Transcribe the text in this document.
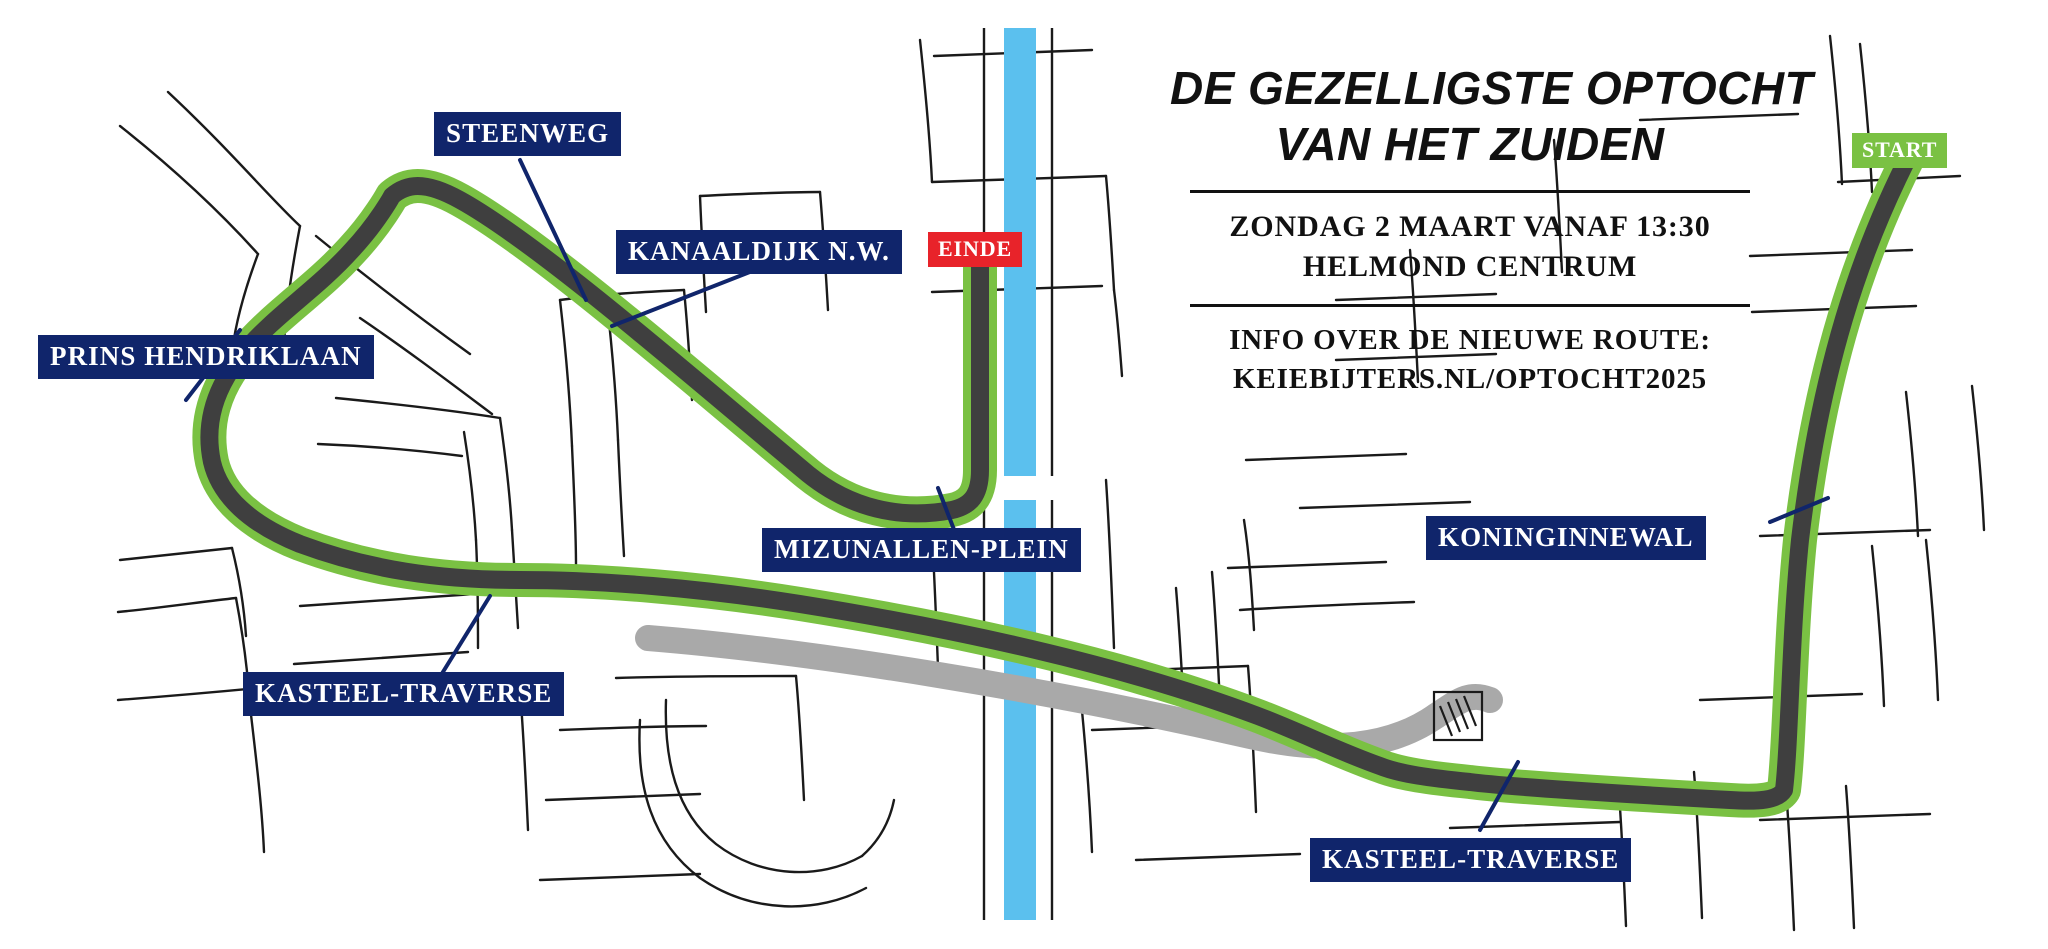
START
EINDE
STEENWEG
KANAALDIJK N.W.
PRINS HENDRIKLAAN
MIZUNALLEN-PLEIN
KASTEEL-TRAVERSE
KONINGINNEWAL
KASTEEL-TRAVERSE
DE GEZELLIGSTE OPTOCHT
VAN HET ZUIDEN
ZONDAG 2 MAART VANAF 13:30
HELMOND CENTRUM
INFO OVER DE NIEUWE ROUTE:
KEIEBIJTERS.NL/OPTOCHT2025
